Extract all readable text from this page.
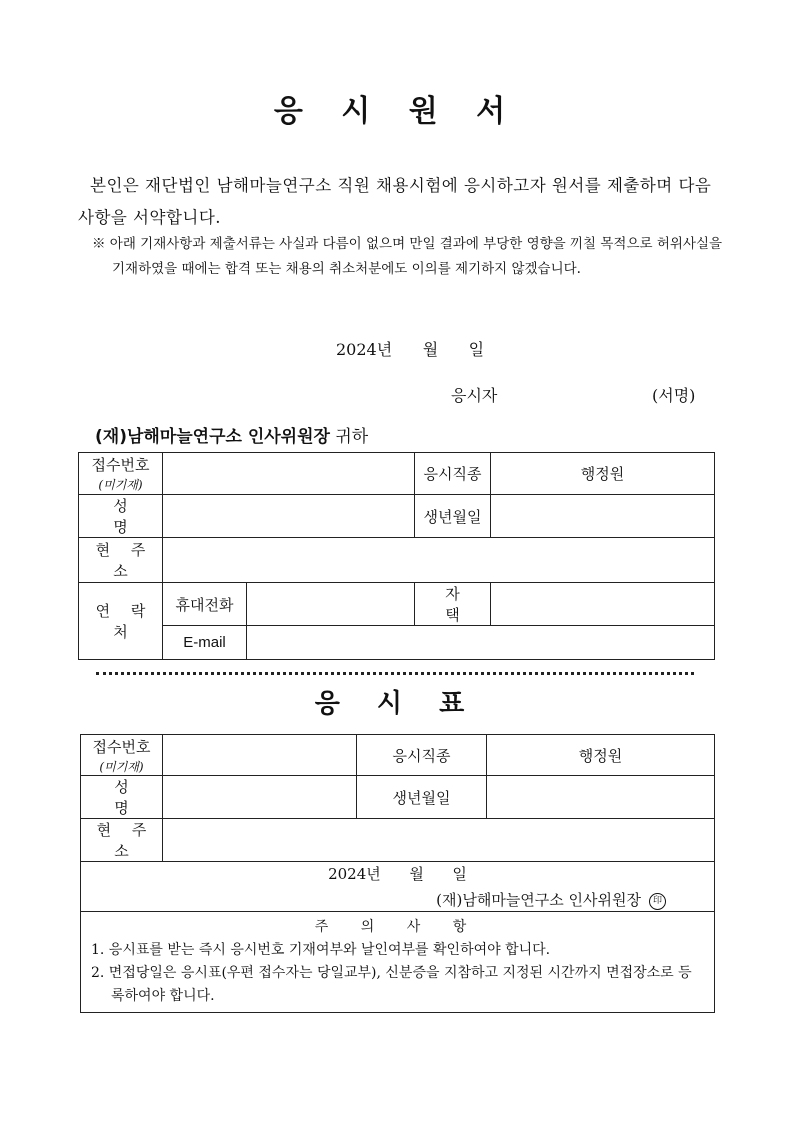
응 시 원 서
본인은 재단법인 남해마늘연구소 직원 채용시험에 응시하고자 원서를 제출하며 다음 사항을 서약합니다.
※ 아래 기재사항과 제출서류는 사실과 다름이 없으며 만일 결과에 부당한 영향을 끼칠 목적으로 허위사실을 기재하였을 때에는 합격 또는 채용의 취소처분에도 이의를 제기하지 않겠습니다.
2024년      월      일
응시자	(서명)
(재)남해마늘연구소 인사위원장 귀하
접수번호
(미기재)			응시직종	행정원
성 명			생년월일	
현 주 소				
연 락 처	휴대전화		자 택	
	E-mail			
응 시 표
접수번호
(미기재)		응시직종	행정원
성 명		생년월일	
현 주 소			

2024년      월      일
(재)남해마늘연구소 인사위원장 印			

주 의 사 항
1. 응시표를 받는 즉시 응시번호 기재여부와 날인여부를 확인하여야 합니다.
2. 면접당일은 응시표(우편 접수자는 당일교부), 신분증을 지참하고 지정된 시간까지 면접장소로 등록하여야 합니다.			
